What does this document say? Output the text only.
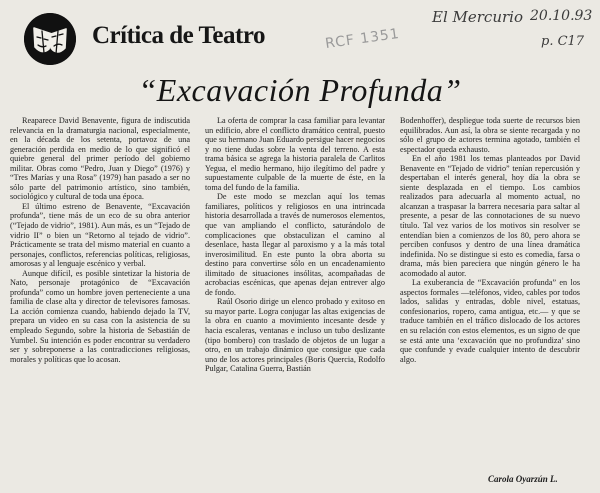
Crítica de Teatro
El Mercurio 20.10.93
p. C17
RCF 1351
“Excavación Profunda”

Reaparece David Benavente, figura de indiscutida relevancia en la dramaturgia nacional, especialmente, en la década de los setenta, portavoz de una generación perdida en medio de lo que significó el quiebre general del primer período del gobierno militar. Obras como “Pedro, Juan y Diego” (1976) y “Tres Marías y una Rosa” (1979) han pasado a ser no sólo parte del patrimonio artístico, sino también, sociológico y cultural de toda una época.

El último estreno de Benavente, “Excavación profunda”, tiene más de un eco de su obra anterior (“Tejado de vidrio”, 1981). Aun más, es un “Tejado de vidrio II” o bien un “Retorno al tejado de vidrio”. Prácticamente se trata del mismo material en cuanto a personajes, conflictos, referencias políticas, religiosas, amorosas y al lenguaje escénico y verbal.

Aunque difícil, es posible sintetizar la historia de Nato, personaje protagónico de “Excavación profunda” como un hombre joven perteneciente a una familia de clase alta y director de televisores famosas. La acción comienza cuando, habiendo dejado la TV, prepara un video en su casa con la asistencia de su empleado Segundo, sobre la historia de Sebastián de Yumbel. Su intención es poder encontrar su verdadero ser y sobreponerse a las contradicciones religiosas, morales y políticas que lo acosan.

La oferta de comprar la casa familiar para levantar un edificio, abre el conflicto dramático central, puesto que su hermano Juan Eduardo persigue hacer negocios y no tiene dudas sobre la venta del terreno. A esta trama básica se agrega la historia paralela de Carlitos Yegua, el medio hermano, hijo ilegítimo del padre y supuestamente culpable de la muerte de éste, en la toma del fundo de la familia.

De este modo se mezclan aquí los temas familiares, políticos y religiosos en una intrincada historia desarrollada a través de numerosos elementos, que van ampliando el conflicto, saturándolo de complicaciones que obstaculizan el camino al desenlace, hasta llegar al paroxismo y a la más total inverosimilitud. En este punto la obra aborta su destino para convertirse sólo en un encadenamiento ilimitado de situaciones insólitas, acompañadas de acrobacias escénicas, que apenas dejan entrever algo de fondo.

Raúl Osorio dirige un elenco probado y exitoso en su mayor parte. Logra conjugar las altas exigencias de la obra en cuanto a movimiento incesante desde y hacia escaleras, ventanas e incluso un tubo deslizante (tipo bombero) con traslado de objetos de un lugar a otro, en un trabajo dinámico que consigue que cada uno de los actores principales (Boris Quercia, Rodolfo Pulgar, Catalina Guerra, Bastián

Bodenhoffer), despliegue toda suerte de recursos bien equilibrados. Aun así, la obra se siente recargada y no sólo el grupo de actores termina agotado, también el espectador queda exhausto.

En el año 1981 los temas planteados por David Benavente en “Tejado de vidrio” tenían repercusión y despertaban el interés general, hoy día la obra se siente desplazada en el tiempo. Los cambios realizados para adecuarla al momento actual, no alcanzan a traspasar la barrera necesaria para saltar al presente, a pesar de las connotaciones de su nuevo título. Tal vez varios de los motivos sin resolver se entendían bien a comienzos de los 80, pero ahora se perciben confusos y dentro de una línea dramática indefinida. No se distingue si esto es comedia, farsa o drama, más bien pareciera que ningún género le ha acomodado al autor.

La exuberancia de “Excavación profunda” en los aspectos formales —teléfonos, video, cables por todos lados, salidas y entradas, doble nivel, estatuas, confesionarios, ropero, cama antigua, etc.— y que se traduce también en el tráfico dislocado de los actores en su relación con estos elementos, es un signo de que se está ante una ‘excavación que no profundiza’ sino que confunde y evade cualquier intento de descubrir algo.

Carola Oyarzún L.
